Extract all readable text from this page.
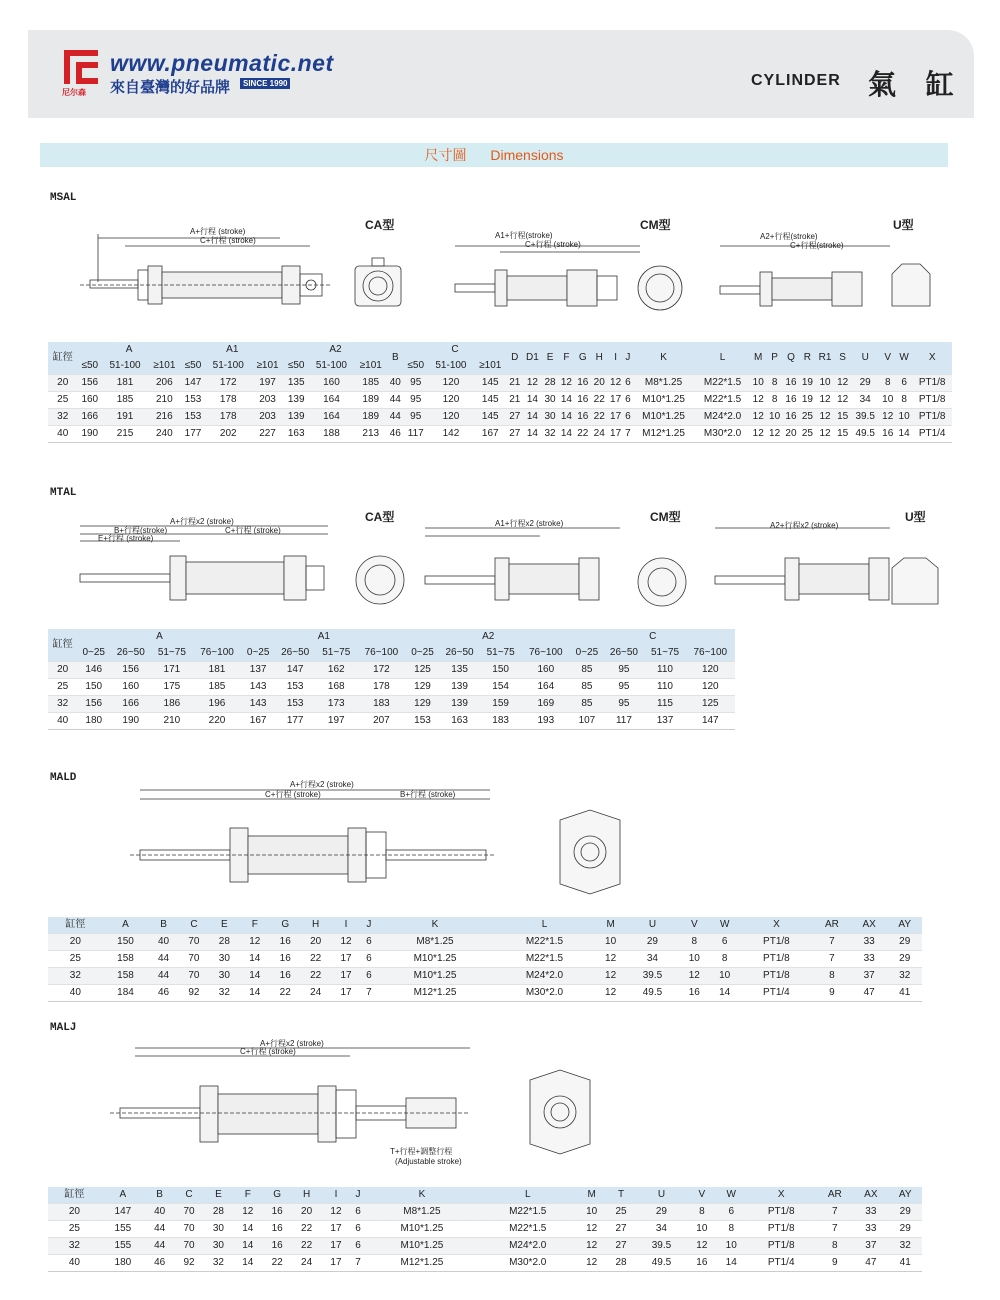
尼尔森
www.pneumatic.net
來自臺灣的好品牌	SINCE 1990	CYLINDER 氣 缸
尺寸圖 Dimensions
MSAL
CA型	CM型	U型
A+行程 (stroke)
C+行程 (stroke)
A1+行程(stroke)
C+行程 (stroke)
A2+行程(stroke)
C+行程(stroke)
缸徑	A			A1			A2			B	C			D	D1	E	F	G	H	I	J	K	L	M	P	Q	R	R1	S	U	V	W	X
	≤50	51-100	≥101	≤50	51-100	≥101	≤50	51-100	≥101		≤50	51-100	≥101																				
20	156	181	206	147	172	197	135	160	185	40	95	120	145	21	12	28	12	16	20	12	6	M8*1.25	M22*1.5	10	8	16	19	10	12	29	8	6	PT1/8
25	160	185	210	153	178	203	139	164	189	44	95	120	145	21	14	30	14	16	22	17	6	M10*1.25	M22*1.5	12	8	16	19	12	12	34	10	8	PT1/8
32	166	191	216	153	178	203	139	164	189	44	95	120	145	27	14	30	14	16	22	17	6	M10*1.25	M24*2.0	12	10	16	25	12	15	39.5	12	10	PT1/8
40	190	215	240	177	202	227	163	188	213	46	117	142	167	27	14	32	14	22	24	17	7	M12*1.25	M30*2.0	12	12	20	25	12	15	49.5	16	14	PT1/4
MTAL
CA型	CM型	U型
A+行程x2 (stroke)
B+行程(stroke)	C+行程 (stroke)
E+行程 (stroke)
A1+行程x2 (stroke)	A2+行程x2 (stroke)
缸徑	A				A1				A2				C			
	0~25	26~50	51~75	76~100	0~25	26~50	51~75	76~100	0~25	26~50	51~75	76~100	0~25	26~50	51~75	76~100
20	146	156	171	181	137	147	162	172	125	135	150	160	85	95	110	120
25	150	160	175	185	143	153	168	178	129	139	154	164	85	95	110	120
32	156	166	186	196	143	153	173	183	129	139	159	169	85	95	115	125
40	180	190	210	220	167	177	197	207	153	163	183	193	107	117	137	147
MALD
A+行程x2 (stroke)
C+行程 (stroke)	B+行程 (stroke)
缸徑	A	B	C	E	F	G	H	I	J	K	L	M	U	V	W	X	AR	AX	AY
20	150	40	70	28	12	16	20	12	6	M8*1.25	M22*1.5	10	29	8	6	PT1/8	7	33	29
25	158	44	70	30	14	16	22	17	6	M10*1.25	M22*1.5	12	34	10	8	PT1/8	7	33	29
32	158	44	70	30	14	16	22	17	6	M10*1.25	M24*2.0	12	39.5	12	10	PT1/8	8	37	32
40	184	46	92	32	14	22	24	17	7	M12*1.25	M30*2.0	12	49.5	16	14	PT1/4	9	47	41
MALJ
A+行程x2 (stroke)
C+行程 (stroke)
T+行程+調整行程
(Adjustable stroke)
缸徑	A	B	C	E	F	G	H	I	J	K	L	M	T	U	V	W	X	AR	AX	AY
20	147	40	70	28	12	16	20	12	6	M8*1.25	M22*1.5	10	25	29	8	6	PT1/8	7	33	29
25	155	44	70	30	14	16	22	17	6	M10*1.25	M22*1.5	12	27	34	10	8	PT1/8	7	33	29
32	155	44	70	30	14	16	22	17	6	M10*1.25	M24*2.0	12	27	39.5	12	10	PT1/8	8	37	32
40	180	46	92	32	14	22	24	17	7	M12*1.25	M30*2.0	12	28	49.5	16	14	PT1/4	9	47	41
